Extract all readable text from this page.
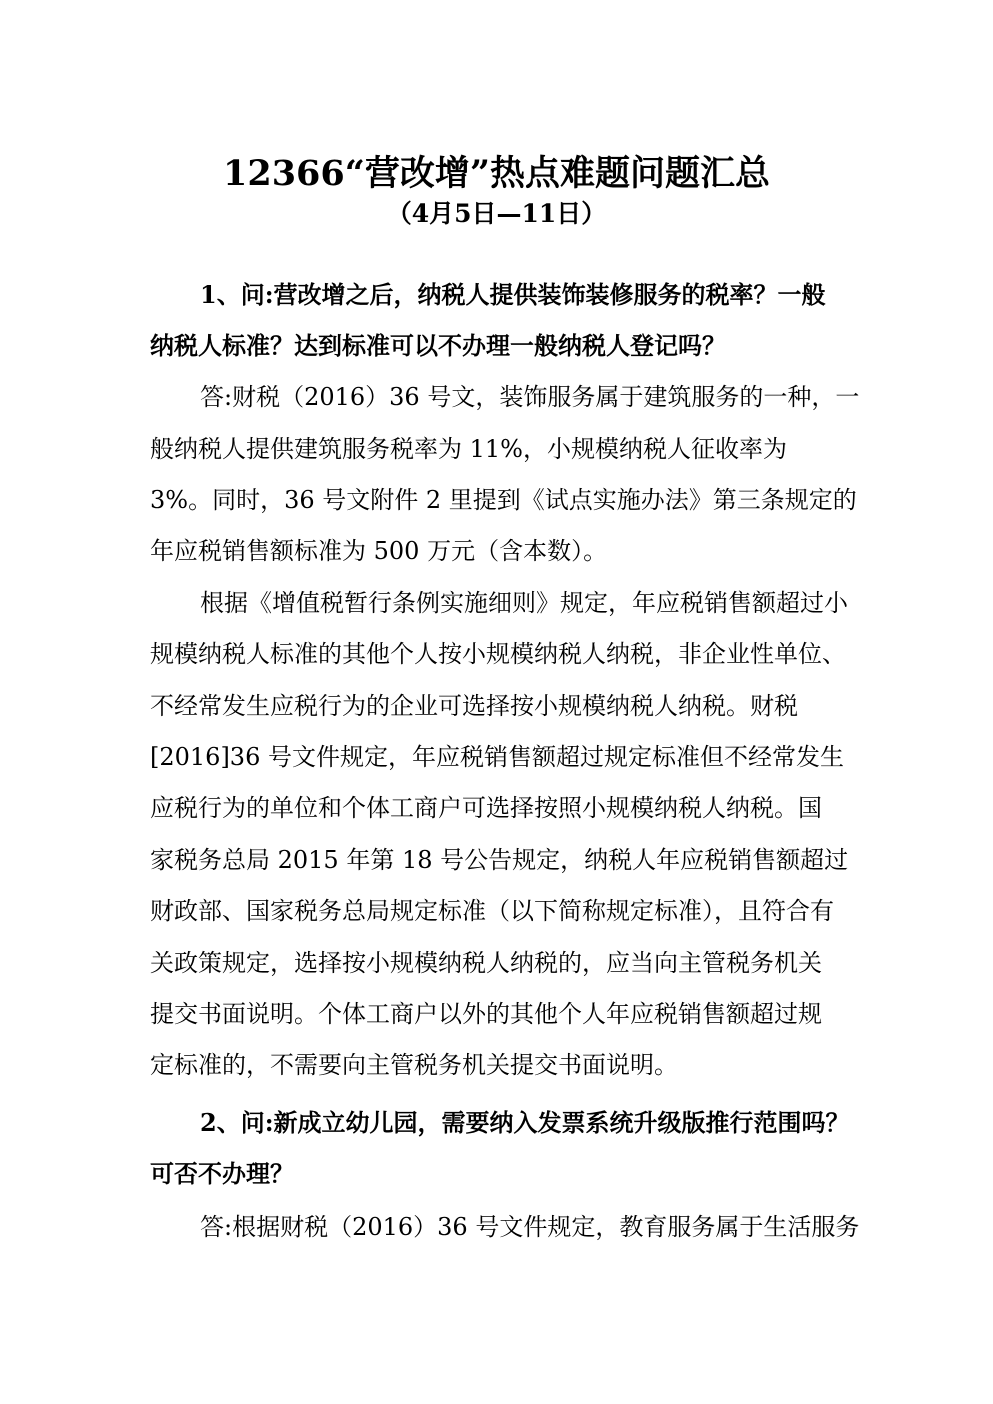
12366“营改增”热点难题问题汇总
（4月5日—11日）
1、问:营改增之后，纳税人提供装饰装修服务的税率？一般
纳税人标准？达到标准可以不办理一般纳税人登记吗？
答:财税（2016）36 号文，装饰服务属于建筑服务的一种，一
般纳税人提供建筑服务税率为 11%，小规模纳税人征收率为
3%。同时，36 号文附件 2 里提到《试点实施办法》第三条规定的
年应税销售额标准为 500 万元（含本数）。
根据《增值税暂行条例实施细则》规定，年应税销售额超过小
规模纳税人标准的其他个人按小规模纳税人纳税，非企业性单位、
不经常发生应税行为的企业可选择按小规模纳税人纳税。财税
[2016]36 号文件规定，年应税销售额超过规定标准但不经常发生
应税行为的单位和个体工商户可选择按照小规模纳税人纳税。国
家税务总局 2015 年第 18 号公告规定，纳税人年应税销售额超过
财政部、国家税务总局规定标准（以下简称规定标准），且符合有
关政策规定，选择按小规模纳税人纳税的，应当向主管税务机关
提交书面说明。个体工商户以外的其他个人年应税销售额超过规
定标准的，不需要向主管税务机关提交书面说明。
2、问:新成立幼儿园，需要纳入发票系统升级版推行范围吗？
可否不办理？
答:根据财税（2016）36 号文件规定，教育服务属于生活服务
